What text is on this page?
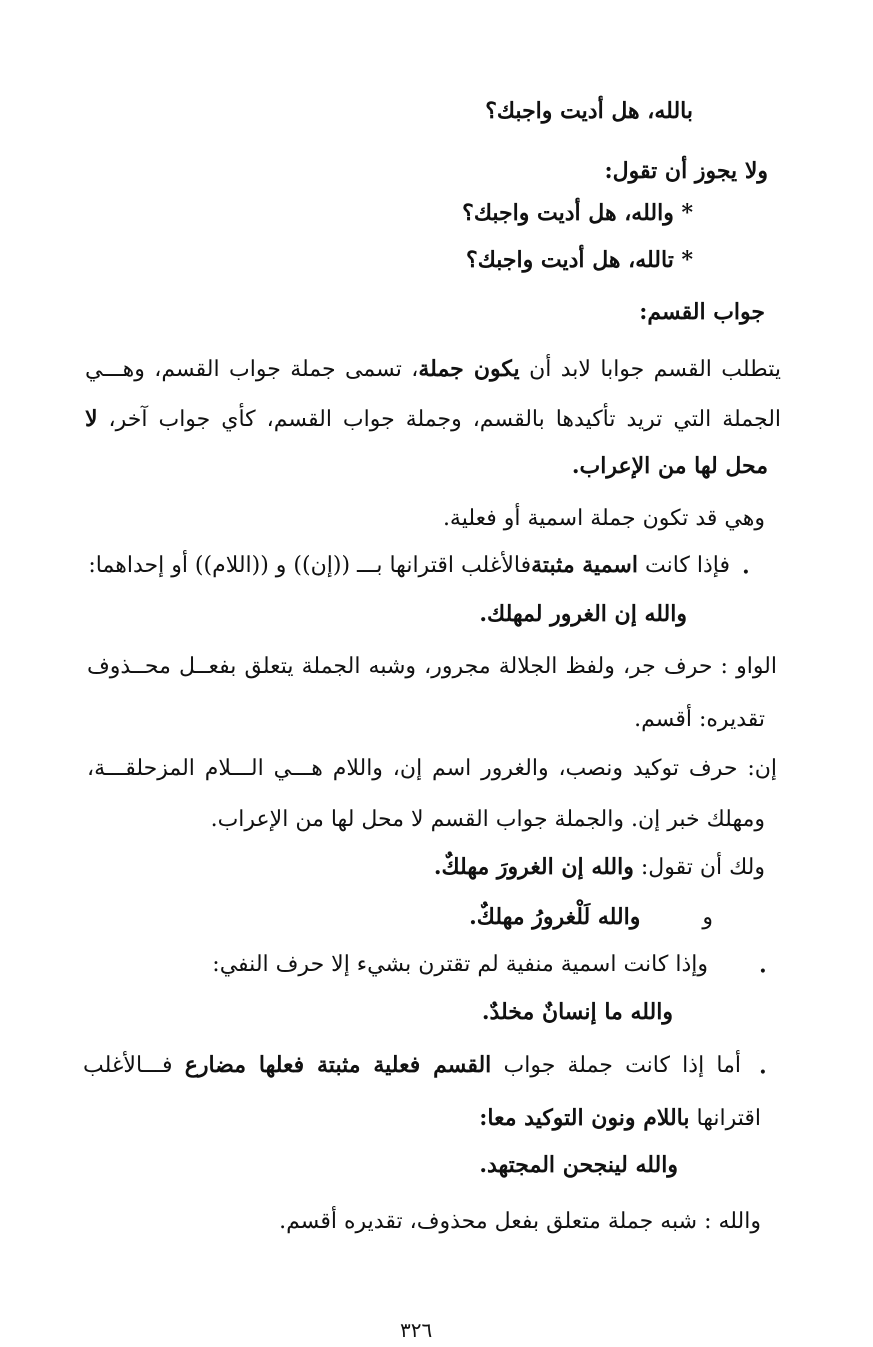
بالله، هل أديت واجبك؟
ولا يجوز أن تقول:
* والله، هل أديت واجبك؟
* تالله، هل أديت واجبك؟
جواب القسم:
يتطلب القسم جوابا لابد أن يكون جملة، تسمى جملة جواب القسم، وهـــي
الجملة التي تريد تأكيدها بالقسم، وجملة جواب القسم، كأي جواب آخر، لا
محل لها من الإعراب.
وهي قد تكون جملة اسمية أو فعلية.
•
فإذا كانت اسمية مثبتةفالأغلب اقترانها بـــ ((إن)) و ((اللام)) أو إحداهما:
والله إن الغرور لمهلك.
الواو : حرف جر، ولفظ الجلالة مجرور، وشبه الجملة يتعلق بفعــل محــذوف
تقديره: أقسم.
إن: حرف توكيد ونصب، والغرور اسم إن، واللام هـــي الـــلام المزحلقـــة،
ومهلك خبر إن. والجملة جواب القسم لا محل لها من الإعراب.
ولك أن تقول: والله إن الغرورَ مهلكٌ.
و  والله لَلْغرورُ مهلكٌ.
•
وإذا كانت اسمية منفية لم تقترن بشيء إلا حرف النفي:
والله ما إنسانٌ مخلدٌ.
•
أما إذا كانت جملة جواب القسم فعلية مثبتة فعلها مضارع فـــالأغلب
اقترانها باللام ونون التوكيد معا:
والله لينجحن المجتهد.
والله : شبه جملة متعلق بفعل محذوف، تقديره أقسم.
٣٢٦
